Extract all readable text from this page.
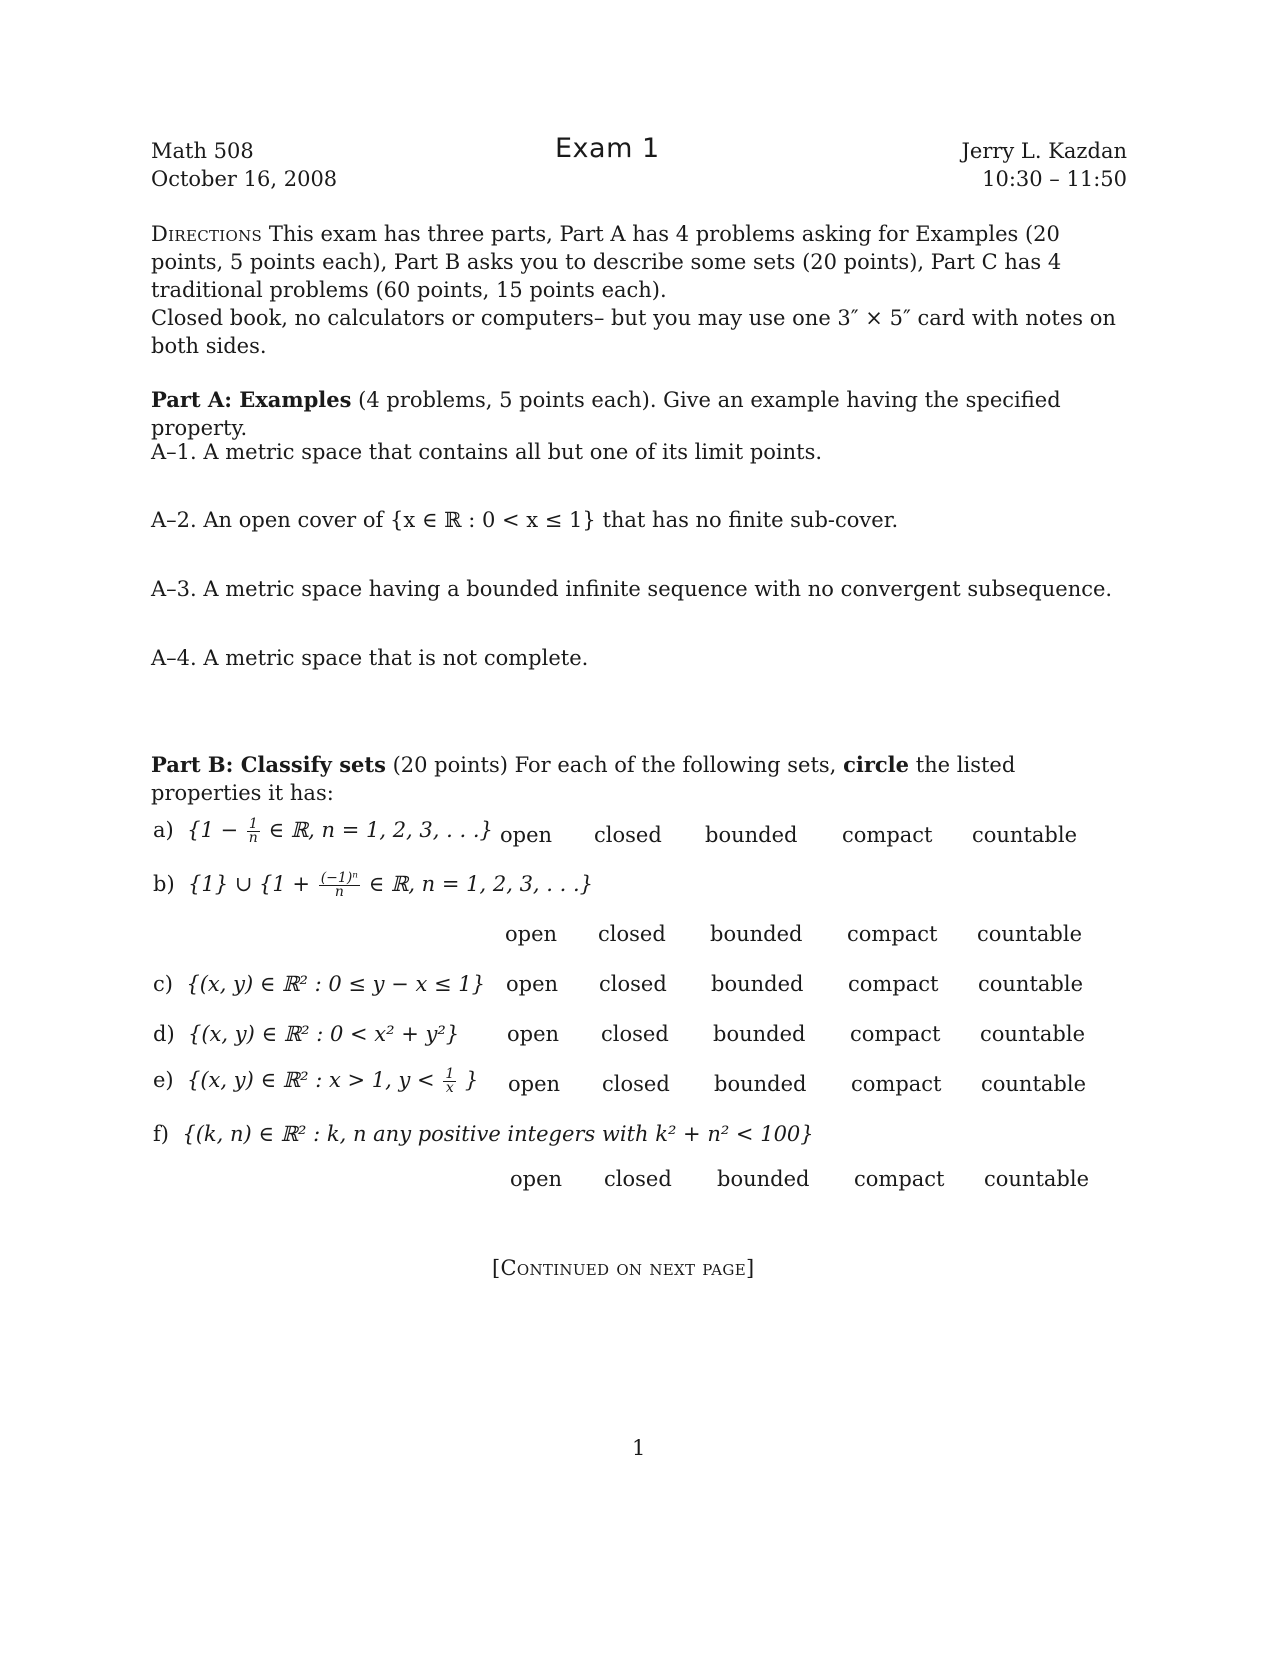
Math 508
October 16, 2008
Exam 1	Jerry L. Kazdan
10:30 – 11:50
Directions This exam has three parts, Part A has 4 problems asking for Examples (20 points, 5 points each), Part B asks you to describe some sets (20 points), Part C has 4 traditional problems (60 points, 15 points each).
Closed book, no calculators or computers– but you may use one 3″ × 5″ card with notes on both sides.
Part A: Examples (4 problems, 5 points each). Give an example having the specified property.
A–1. A metric space that contains all but one of its limit points.
A–2. An open cover of {x ∈ ℝ : 0 < x ≤ 1} that has no finite sub-cover.
A–3. A metric space having a bounded infinite sequence with no convergent subsequence.
A–4. A metric space that is not complete.
Part B: Classify sets (20 points) For each of the following sets, circle the listed properties it has:
a) {$1 - \frac{1}{n}$ ∈ ℝ, n = 1, 2, 3, . . .} open closed bounded compact countable
b) {1} ∪ {$1 + \frac{\text{(−1)ⁿ}}{n}$ ∈ ℝ, n = 1, 2, 3, . . .}
open closed bounded compact countable
c) {(x, y) ∈ ℝ² : 0 ≤ y − x ≤ 1} open closed bounded compact countable
d) {(x, y) ∈ ℝ² : 0 < x² + y²} open closed bounded compact countable
e) {(x, y) ∈ ℝ² : x > 1, $y < \frac{1}{x}$ } open closed bounded compact countable
f) {(k, n) ∈ ℝ² : k, n any positive integers with k² + n² < 100}
open closed bounded compact countable
[Continued on next page]
1
